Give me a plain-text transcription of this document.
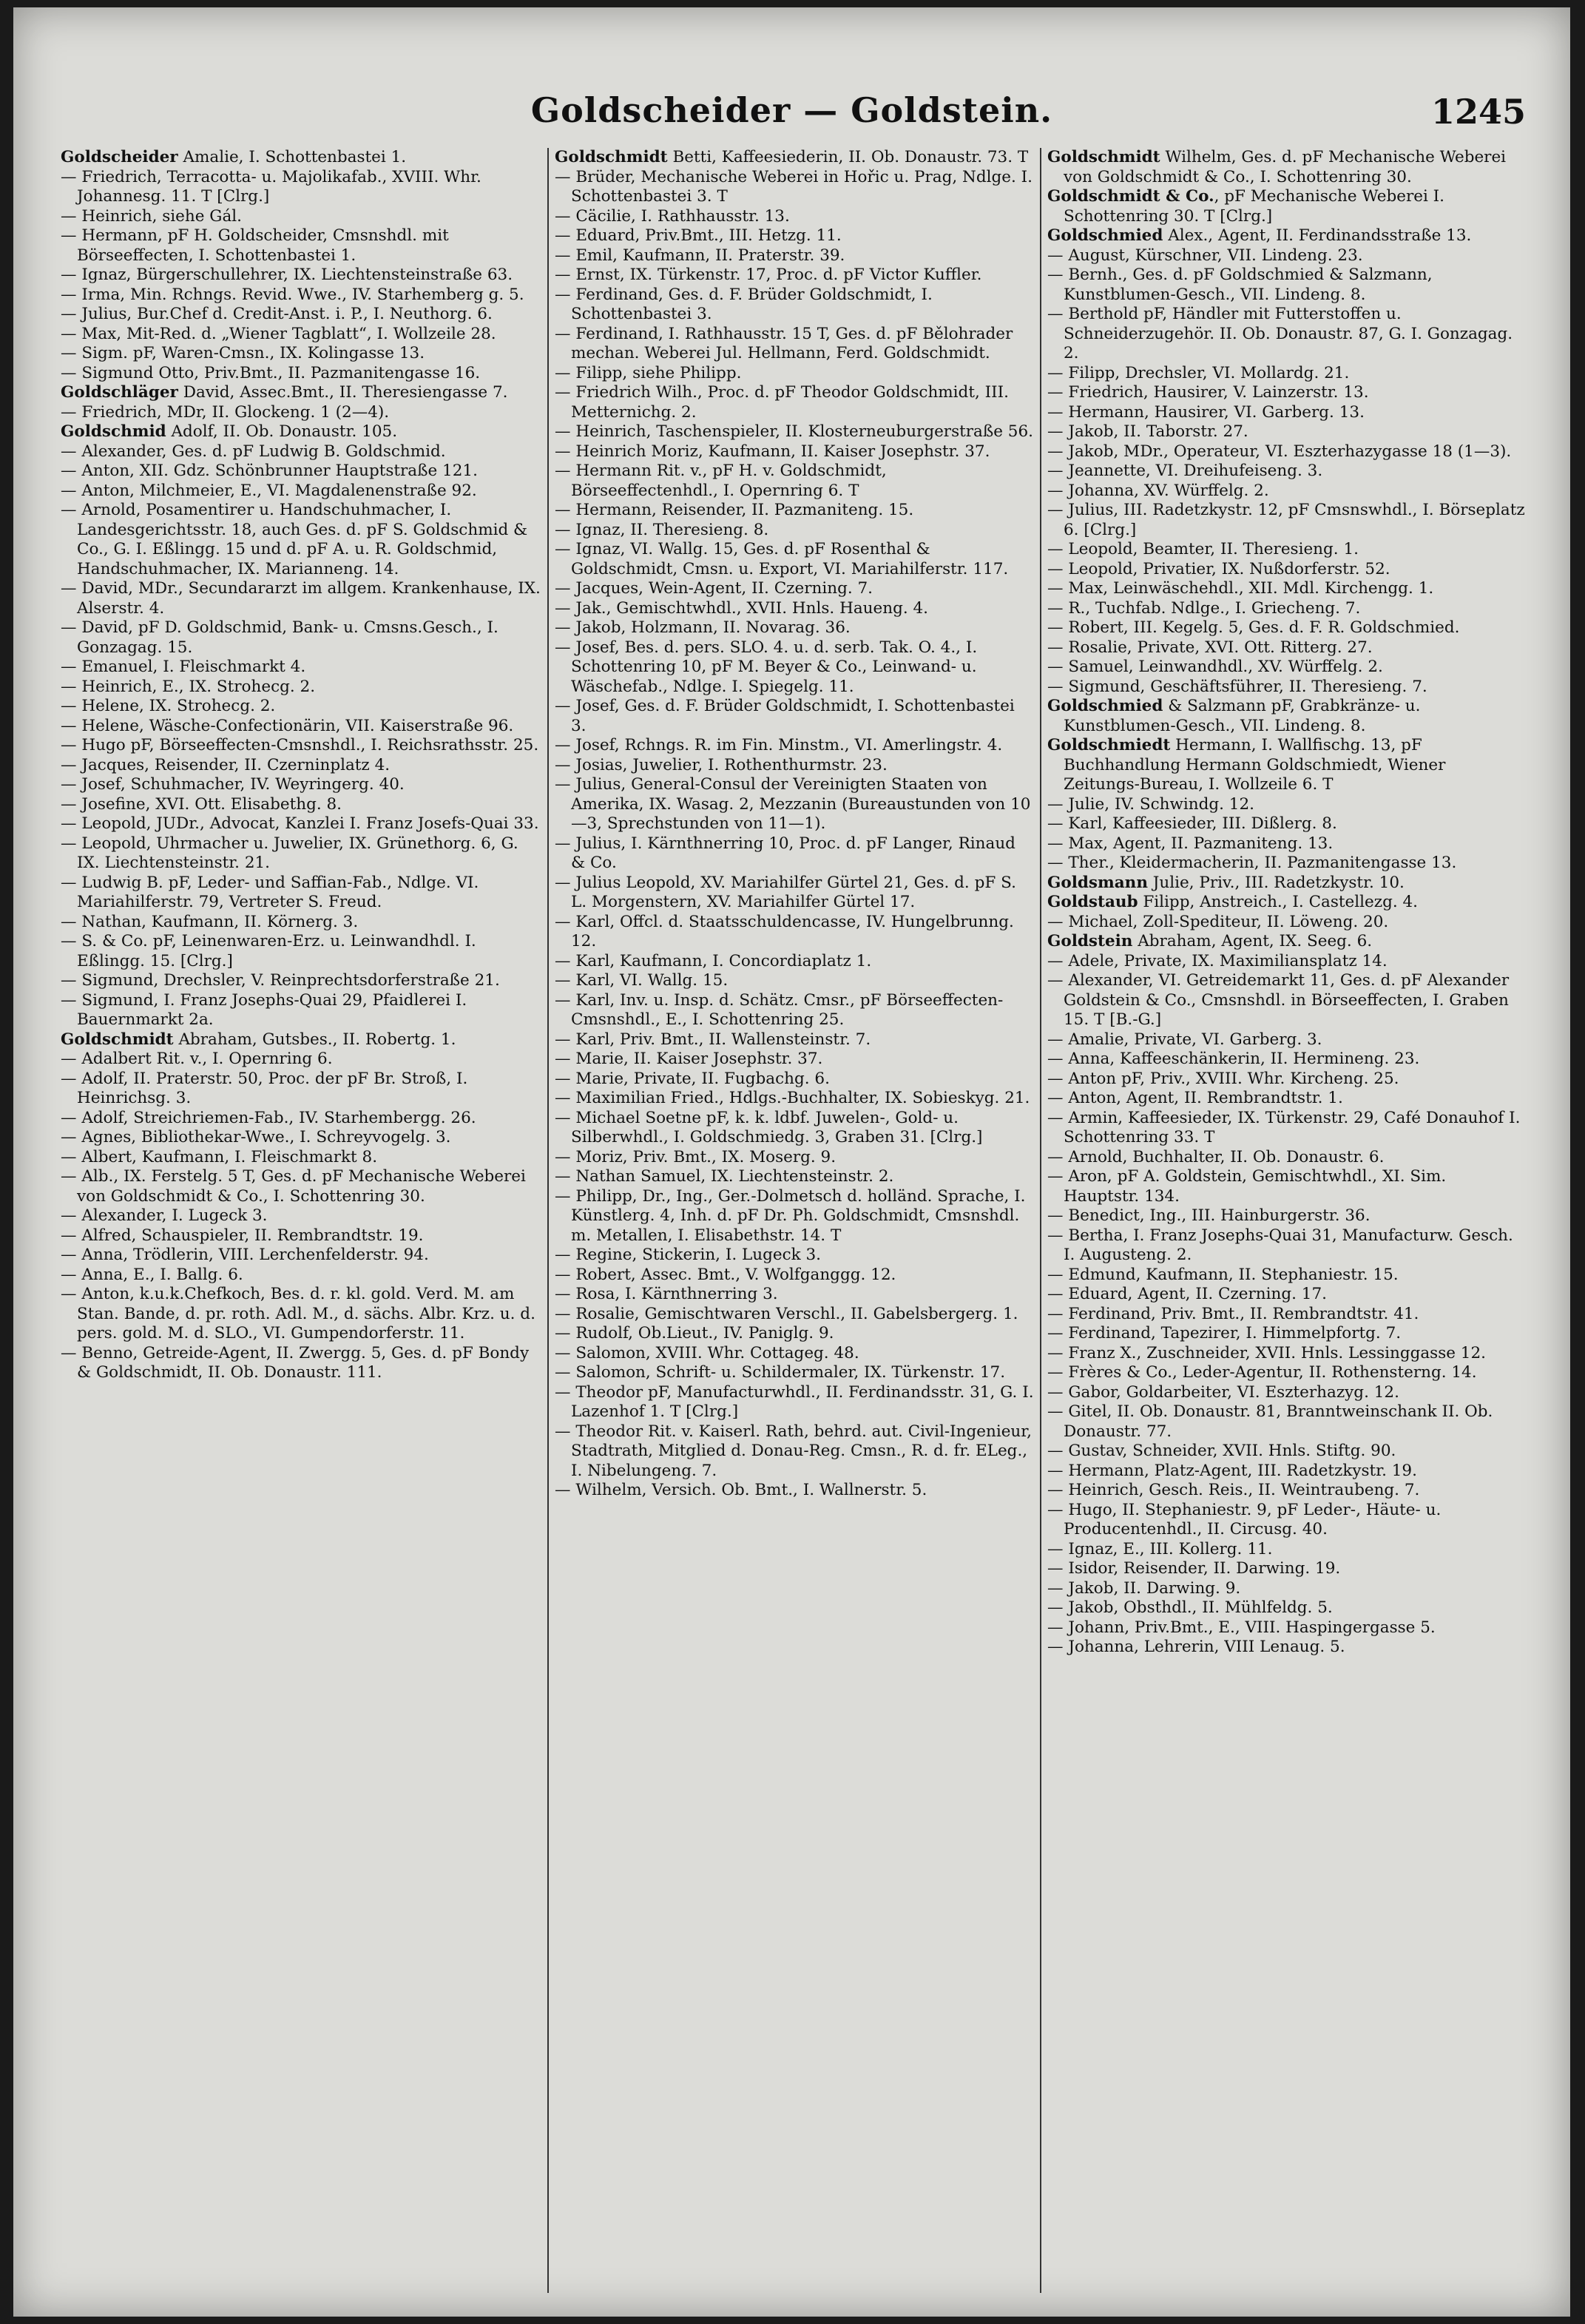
Goldscheider — Goldstein.	1245

Goldscheider Amalie, I. Schottenbastei 1.

— Friedrich, Terracotta- u. Majolikafab., XVIII. Whr. Johannesg. 11. T [Clrg.]

— Heinrich, siehe Gál.

— Hermann, pF H. Goldscheider, Cmsnshdl. mit Börseeffecten, I. Schottenbastei 1.

— Ignaz, Bürgerschullehrer, IX. Liechtensteinstraße 63.

— Irma, Min. Rchngs. Revid. Wwe., IV. Starhemberg g. 5.

— Julius, Bur.Chef d. Credit-Anst. i. P., I. Neuthorg. 6.

— Max, Mit-Red. d. „Wiener Tagblatt“, I. Wollzeile 28.

— Sigm. pF, Waren-Cmsn., IX. Kolingasse 13.

— Sigmund Otto, Priv.Bmt., II. Pazmanitengasse 16.

Goldschläger David, Assec.Bmt., II. Theresiengasse 7.

— Friedrich, MDr, II. Glockeng. 1 (2—4).

Goldschmid Adolf, II. Ob. Donaustr. 105.

— Alexander, Ges. d. pF Ludwig B. Goldschmid.

— Anton, XII. Gdz. Schönbrunner Hauptstraße 121.

— Anton, Milchmeier, E., VI. Magdalenenstraße 92.

— Arnold, Posamentirer u. Handschuhmacher, I. Landesgerichtsstr. 18, auch Ges. d. pF S. Goldschmid & Co., G. I. Eßlingg. 15 und d. pF A. u. R. Goldschmid, Handschuhmacher, IX. Marianneng. 14.

— David, MDr., Secundararzt im allgem. Krankenhause, IX. Alserstr. 4.

— David, pF D. Goldschmid, Bank- u. Cmsns.Gesch., I. Gonzagag. 15.

— Emanuel, I. Fleischmarkt 4.

— Heinrich, E., IX. Strohecg. 2.

— Helene, IX. Strohecg. 2.

— Helene, Wäsche-Confectionärin, VII. Kaiserstraße 96.

— Hugo pF, Börseeffecten-Cmsnshdl., I. Reichsrathsstr. 25.

— Jacques, Reisender, II. Czerninplatz 4.

— Josef, Schuhmacher, IV. Weyringerg. 40.

— Josefine, XVI. Ott. Elisabethg. 8.

— Leopold, JUDr., Advocat, Kanzlei I. Franz Josefs-Quai 33.

— Leopold, Uhrmacher u. Juwelier, IX. Grünethorg. 6, G. IX. Liechtensteinstr. 21.

— Ludwig B. pF, Leder- und Saffian-Fab., Ndlge. VI. Mariahilferstr. 79, Vertreter S. Freud.

— Nathan, Kaufmann, II. Körnerg. 3.

— S. & Co. pF, Leinenwaren-Erz. u. Leinwandhdl. I. Eßlingg. 15. [Clrg.]

— Sigmund, Drechsler, V. Reinprechtsdorferstraße 21.

— Sigmund, I. Franz Josephs-Quai 29, Pfaidlerei I. Bauernmarkt 2a.

Goldschmidt Abraham, Gutsbes., II. Robertg. 1.

— Adalbert Rit. v., I. Opernring 6.

— Adolf, II. Praterstr. 50, Proc. der pF Br. Stroß, I. Heinrichsg. 3.

— Adolf, Streichriemen-Fab., IV. Starhembergg. 26.

— Agnes, Bibliothekar-Wwe., I. Schreyvogelg. 3.

— Albert, Kaufmann, I. Fleischmarkt 8.

— Alb., IX. Ferstelg. 5 T, Ges. d. pF Mechanische Weberei von Goldschmidt & Co., I. Schottenring 30.

— Alexander, I. Lugeck 3.

— Alfred, Schauspieler, II. Rembrandtstr. 19.

— Anna, Trödlerin, VIII. Lerchenfelderstr. 94.

— Anna, E., I. Ballg. 6.

— Anton, k.u.k.Chefkoch, Bes. d. r. kl. gold. Verd. M. am Stan. Bande, d. pr. roth. Adl. M., d. sächs. Albr. Krz. u. d. pers. gold. M. d. SLO., VI. Gumpendorferstr. 11.

— Benno, Getreide-Agent, II. Zwergg. 5, Ges. d. pF Bondy & Goldschmidt, II. Ob. Donaustr. 111.

Goldschmidt Betti, Kaffeesiederin, II. Ob. Donaustr. 73. T

— Brüder, Mechanische Weberei in Hořic u. Prag, Ndlge. I. Schottenbastei 3. T

— Cäcilie, I. Rathhausstr. 13.

— Eduard, Priv.Bmt., III. Hetzg. 11.

— Emil, Kaufmann, II. Praterstr. 39.

— Ernst, IX. Türkenstr. 17, Proc. d. pF Victor Kuffler.

— Ferdinand, Ges. d. F. Brüder Goldschmidt, I. Schottenbastei 3.

— Ferdinand, I. Rathhausstr. 15 T, Ges. d. pF Bělohrader mechan. Weberei Jul. Hellmann, Ferd. Goldschmidt.

— Filipp, siehe Philipp.

— Friedrich Wilh., Proc. d. pF Theodor Goldschmidt, III. Metternichg. 2.

— Heinrich, Taschenspieler, II. Klosterneuburgerstraße 56.

— Heinrich Moriz, Kaufmann, II. Kaiser Josephstr. 37.

— Hermann Rit. v., pF H. v. Goldschmidt, Börseeffectenhdl., I. Opernring 6. T

— Hermann, Reisender, II. Pazmaniteng. 15.

— Ignaz, II. Theresieng. 8.

— Ignaz, VI. Wallg. 15, Ges. d. pF Rosenthal & Goldschmidt, Cmsn. u. Export, VI. Mariahilferstr. 117.

— Jacques, Wein-Agent, II. Czerning. 7.

— Jak., Gemischtwhdl., XVII. Hnls. Haueng. 4.

— Jakob, Holzmann, II. Novarag. 36.

— Josef, Bes. d. pers. SLO. 4. u. d. serb. Tak. O. 4., I. Schottenring 10, pF M. Beyer & Co., Leinwand- u. Wäschefab., Ndlge. I. Spiegelg. 11.

— Josef, Ges. d. F. Brüder Goldschmidt, I. Schottenbastei 3.

— Josef, Rchngs. R. im Fin. Minstm., VI. Amerlingstr. 4.

— Josias, Juwelier, I. Rothenthurmstr. 23.

— Julius, General-Consul der Vereinigten Staaten von Amerika, IX. Wasag. 2, Mezzanin (Bureaustunden von 10—3, Sprechstunden von 11—1).

— Julius, I. Kärnthnerring 10, Proc. d. pF Langer, Rinaud & Co.

— Julius Leopold, XV. Mariahilfer Gürtel 21, Ges. d. pF S. L. Morgenstern, XV. Mariahilfer Gürtel 17.

— Karl, Offcl. d. Staatsschuldencasse, IV. Hungelbrunng. 12.

— Karl, Kaufmann, I. Concordiaplatz 1.

— Karl, VI. Wallg. 15.

— Karl, Inv. u. Insp. d. Schätz. Cmsr., pF Börseeffecten-Cmsnshdl., E., I. Schottenring 25.

— Karl, Priv. Bmt., II. Wallensteinstr. 7.

— Marie, II. Kaiser Josephstr. 37.

— Marie, Private, II. Fugbachg. 6.

— Maximilian Fried., Hdlgs.-Buchhalter, IX. Sobieskyg. 21.

— Michael Soetne pF, k. k. ldbf. Juwelen-, Gold- u. Silberwhdl., I. Goldschmiedg. 3, Graben 31. [Clrg.]

— Moriz, Priv. Bmt., IX. Moserg. 9.

— Nathan Samuel, IX. Liechtensteinstr. 2.

— Philipp, Dr., Ing., Ger.-Dolmetsch d. holländ. Sprache, I. Künstlerg. 4, Inh. d. pF Dr. Ph. Goldschmidt, Cmsnshdl. m. Metallen, I. Elisabethstr. 14. T

— Regine, Stickerin, I. Lugeck 3.

— Robert, Assec. Bmt., V. Wolfganggg. 12.

— Rosa, I. Kärnthnerring 3.

— Rosalie, Gemischtwaren Verschl., II. Gabelsbergerg. 1.

— Rudolf, Ob.Lieut., IV. Paniglg. 9.

— Salomon, XVIII. Whr. Cottageg. 48.

— Salomon, Schrift- u. Schildermaler, IX. Türkenstr. 17.

— Theodor pF, Manufacturwhdl., II. Ferdinandsstr. 31, G. I. Lazenhof 1. T [Clrg.]

— Theodor Rit. v. Kaiserl. Rath, behrd. aut. Civil-Ingenieur, Stadtrath, Mitglied d. Donau-Reg. Cmsn., R. d. fr. ELeg., I. Nibelungeng. 7.

— Wilhelm, Versich. Ob. Bmt., I. Wallnerstr. 5.

Goldschmidt Wilhelm, Ges. d. pF Mechanische Weberei von Goldschmidt & Co., I. Schottenring 30.

Goldschmidt & Co., pF Mechanische Weberei I. Schottenring 30. T [Clrg.]

Goldschmied Alex., Agent, II. Ferdinandsstraße 13.

— August, Kürschner, VII. Lindeng. 23.

— Bernh., Ges. d. pF Goldschmied & Salzmann, Kunstblumen-Gesch., VII. Lindeng. 8.

— Berthold pF, Händler mit Futterstoffen u. Schneiderzugehör. II. Ob. Donaustr. 87, G. I. Gonzagag. 2.

— Filipp, Drechsler, VI. Mollardg. 21.

— Friedrich, Hausirer, V. Lainzerstr. 13.

— Hermann, Hausirer, VI. Garberg. 13.

— Jakob, II. Taborstr. 27.

— Jakob, MDr., Operateur, VI. Eszterhazygasse 18 (1—3).

— Jeannette, VI. Dreihufeiseng. 3.

— Johanna, XV. Würffelg. 2.

— Julius, III. Radetzkystr. 12, pF Cmsnswhdl., I. Börseplatz 6. [Clrg.]

— Leopold, Beamter, II. Theresieng. 1.

— Leopold, Privatier, IX. Nußdorferstr. 52.

— Max, Leinwäschehdl., XII. Mdl. Kirchengg. 1.

— R., Tuchfab. Ndlge., I. Griecheng. 7.

— Robert, III. Kegelg. 5, Ges. d. F. R. Goldschmied.

— Rosalie, Private, XVI. Ott. Ritterg. 27.

— Samuel, Leinwandhdl., XV. Würffelg. 2.

— Sigmund, Geschäftsführer, II. Theresieng. 7.

Goldschmied & Salzmann pF, Grabkränze- u. Kunstblumen-Gesch., VII. Lindeng. 8.

Goldschmiedt Hermann, I. Wallfischg. 13, pF Buchhandlung Hermann Goldschmiedt, Wiener Zeitungs-Bureau, I. Wollzeile 6. T

— Julie, IV. Schwindg. 12.

— Karl, Kaffeesieder, III. Dißlerg. 8.

— Max, Agent, II. Pazmaniteng. 13.

— Ther., Kleidermacherin, II. Pazmanitengasse 13.

Goldsmann Julie, Priv., III. Radetzkystr. 10.

Goldstaub Filipp, Anstreich., I. Castellezg. 4.

— Michael, Zoll-Spediteur, II. Löweng. 20.

Goldstein Abraham, Agent, IX. Seeg. 6.

— Adele, Private, IX. Maximiliansplatz 14.

— Alexander, VI. Getreidemarkt 11, Ges. d. pF Alexander Goldstein & Co., Cmsnshdl. in Börseeffecten, I. Graben 15. T [B.-G.]

— Amalie, Private, VI. Garberg. 3.

— Anna, Kaffeeschänkerin, II. Hermineng. 23.

— Anton pF, Priv., XVIII. Whr. Kircheng. 25.

— Anton, Agent, II. Rembrandtstr. 1.

— Armin, Kaffeesieder, IX. Türkenstr. 29, Café Donauhof I. Schottenring 33. T

— Arnold, Buchhalter, II. Ob. Donaustr. 6.

— Aron, pF A. Goldstein, Gemischtwhdl., XI. Sim. Hauptstr. 134.

— Benedict, Ing., III. Hainburgerstr. 36.

— Bertha, I. Franz Josephs-Quai 31, Manufacturw. Gesch. I. Augusteng. 2.

— Edmund, Kaufmann, II. Stephaniestr. 15.

— Eduard, Agent, II. Czerning. 17.

— Ferdinand, Priv. Bmt., II. Rembrandtstr. 41.

— Ferdinand, Tapezirer, I. Himmelpfortg. 7.

— Franz X., Zuschneider, XVII. Hnls. Lessinggasse 12.

— Frères & Co., Leder-Agentur, II. Rothensterng. 14.

— Gabor, Goldarbeiter, VI. Eszterhazyg. 12.

— Gitel, II. Ob. Donaustr. 81, Branntweinschank II. Ob. Donaustr. 77.

— Gustav, Schneider, XVII. Hnls. Stiftg. 90.

— Hermann, Platz-Agent, III. Radetzkystr. 19.

— Heinrich, Gesch. Reis., II. Weintraubeng. 7.

— Hugo, II. Stephaniestr. 9, pF Leder-, Häute- u. Producentenhdl., II. Circusg. 40.

— Ignaz, E., III. Kollerg. 11.

— Isidor, Reisender, II. Darwing. 19.

— Jakob, II. Darwing. 9.

— Jakob, Obsthdl., II. Mühlfeldg. 5.

— Johann, Priv.Bmt., E., VIII. Haspingergasse 5.

— Johanna, Lehrerin, VIII Lenaug. 5.
